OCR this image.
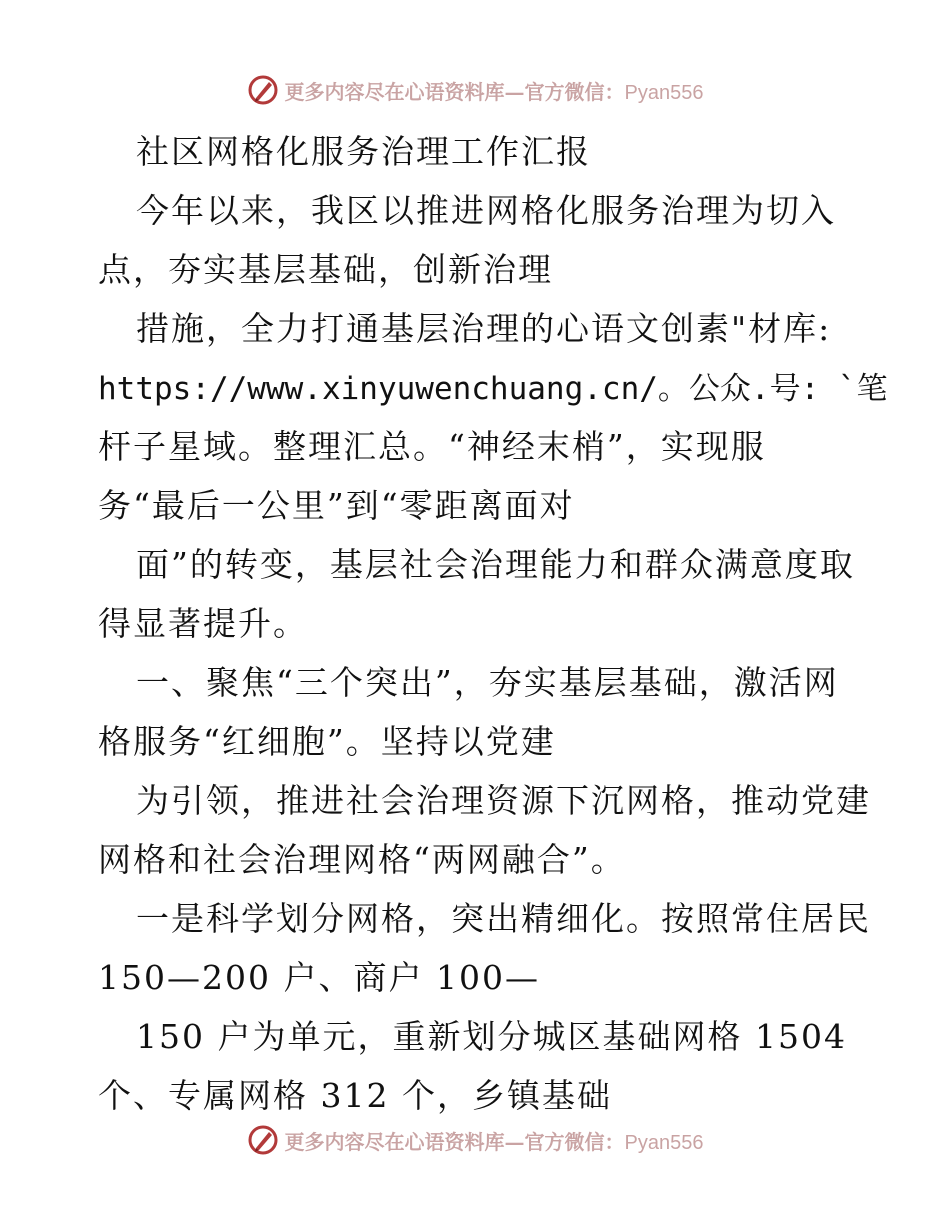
更多内容尽在心语资料库—官方微信：Pyan556
社区网格化服务治理工作汇报
今年以来，我区以推进网格化服务治理为切入
点，夯实基层基础，创新治理
措施，全力打通基层治理的心语文创素"材库:
https://www.xinyuwenchuang.cn/。公众.号: `笔
杆子星域。整理汇总。“神经末梢”，实现服
务“最后一公里”到“零距离面对
面”的转变，基层社会治理能力和群众满意度取
得显著提升。
一、聚焦“三个突出”，夯实基层基础，激活网
格服务“红细胞”。坚持以党建
为引领，推进社会治理资源下沉网格，推动党建
网格和社会治理网格“两网融合”。
一是科学划分网格，突出精细化。按照常住居民
150—200 户、商户 100—
150 户为单元，重新划分城区基础网格 1504
个、专属网格 312 个，乡镇基础
更多内容尽在心语资料库—官方微信：Pyan556
